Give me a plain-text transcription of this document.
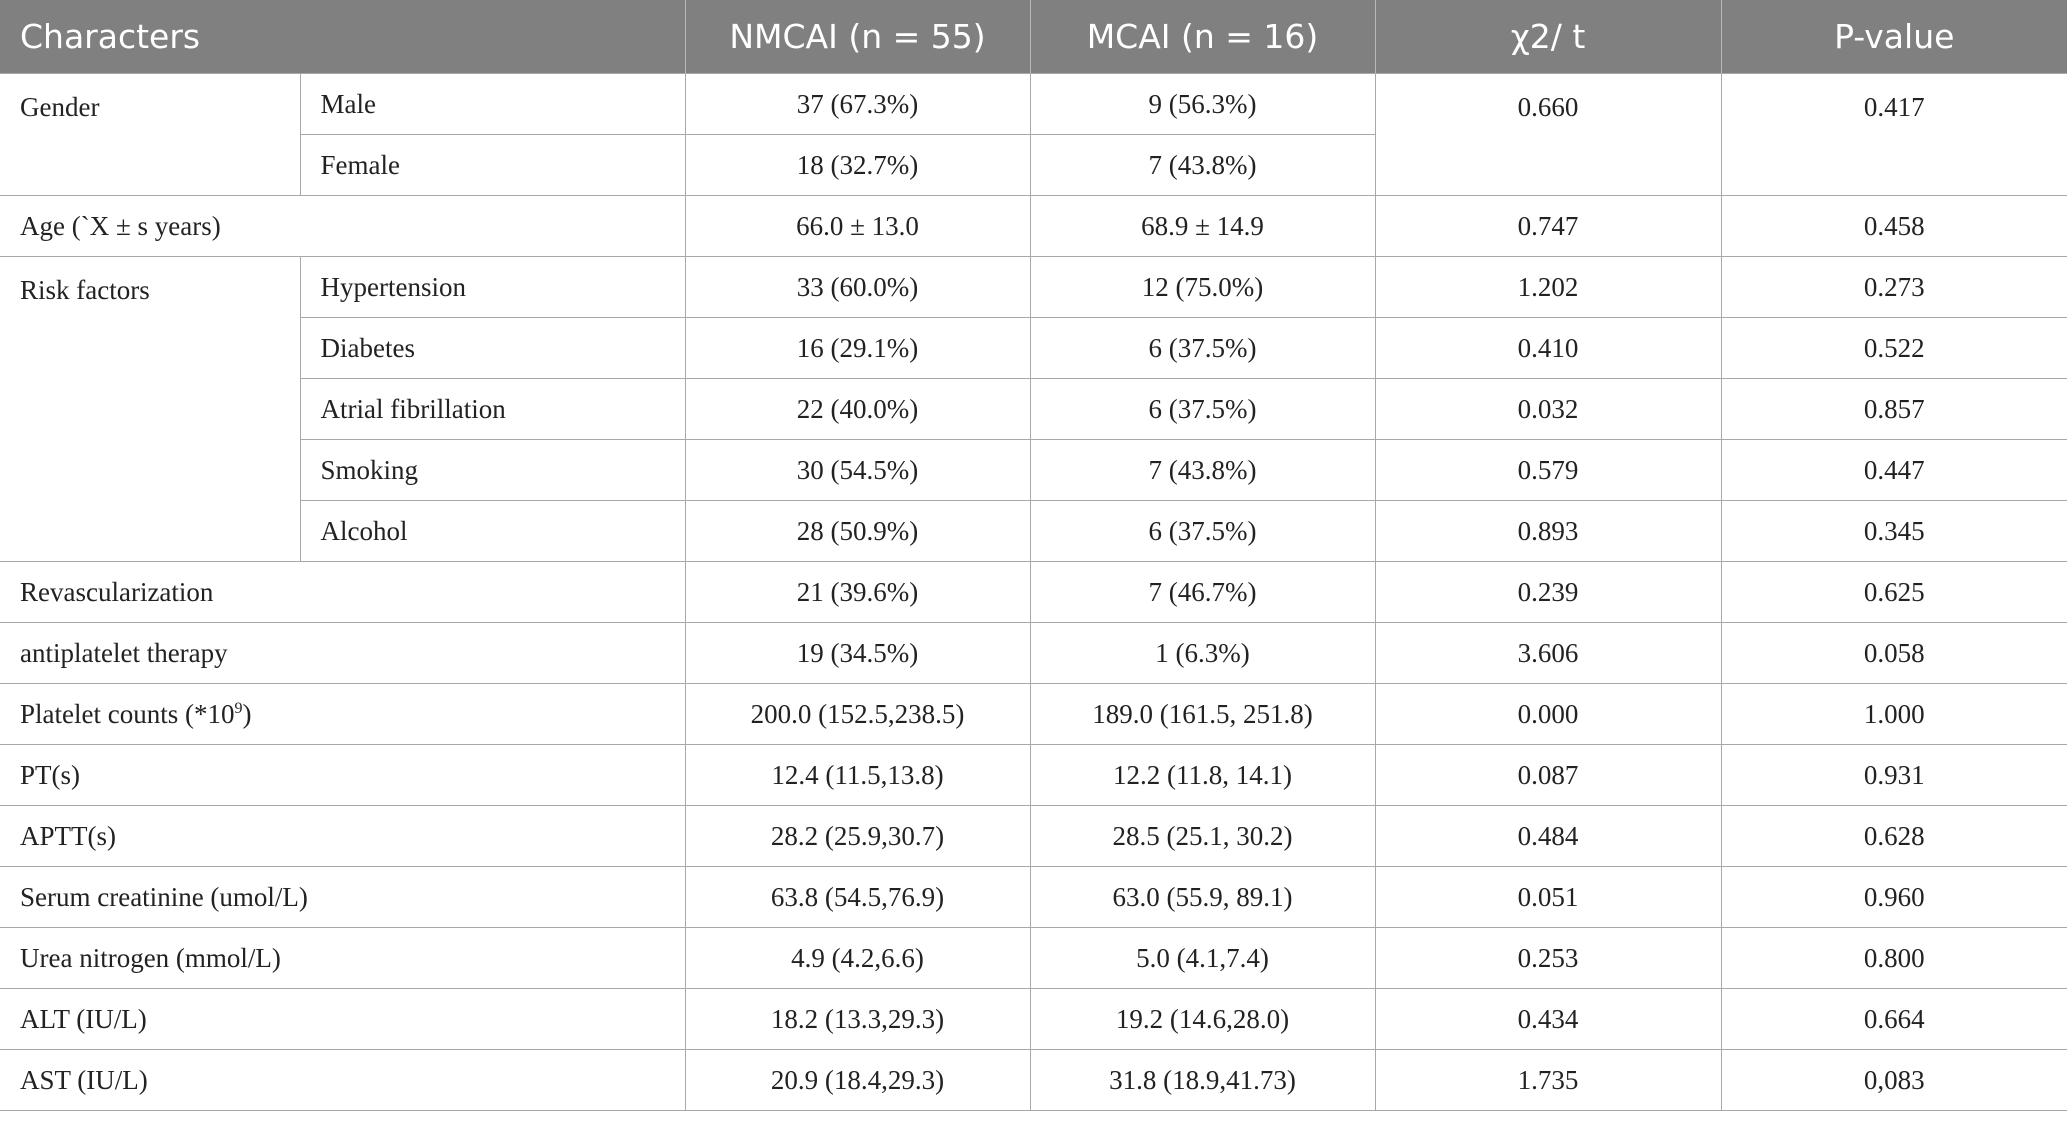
Characters		NMCAI (n = 55)	MCAI (n = 16)	χ2/ t	P-value
Gender	Male	37 (67.3%)	9 (56.3%)	0.660	0.417
	Female	18 (32.7%)	7 (43.8%)		
Age (`X ± s years)		66.0 ± 13.0	68.9 ± 14.9	0.747	0.458
Risk factors	Hypertension	33 (60.0%)	12 (75.0%)	1.202	0.273
	Diabetes	16 (29.1%)	6 (37.5%)	0.410	0.522
	Atrial fibrillation	22 (40.0%)	6 (37.5%)	0.032	0.857
	Smoking	30 (54.5%)	7 (43.8%)	0.579	0.447
	Alcohol	28 (50.9%)	6 (37.5%)	0.893	0.345
Revascularization		21 (39.6%)	7 (46.7%)	0.239	0.625
antiplatelet therapy		19 (34.5%)	1 (6.3%)	3.606	0.058
Platelet counts $(*10^9)$		200.0 (152.5,238.5)	189.0 (161.5, 251.8)	0.000	1.000
PT(s)		12.4 (11.5,13.8)	12.2 (11.8, 14.1)	0.087	0.931
APTT(s)		28.2 (25.9,30.7)	28.5 (25.1, 30.2)	0.484	0.628
Serum creatinine (umol/L)		63.8 (54.5,76.9)	63.0 (55.9, 89.1)	0.051	0.960
Urea nitrogen (mmol/L)		4.9 (4.2,6.6)	5.0 (4.1,7.4)	0.253	0.800
ALT (IU/L)		18.2 (13.3,29.3)	19.2 (14.6,28.0)	0.434	0.664
AST (IU/L)		20.9 (18.4,29.3)	31.8 (18.9,41.73)	1.735	0,083
